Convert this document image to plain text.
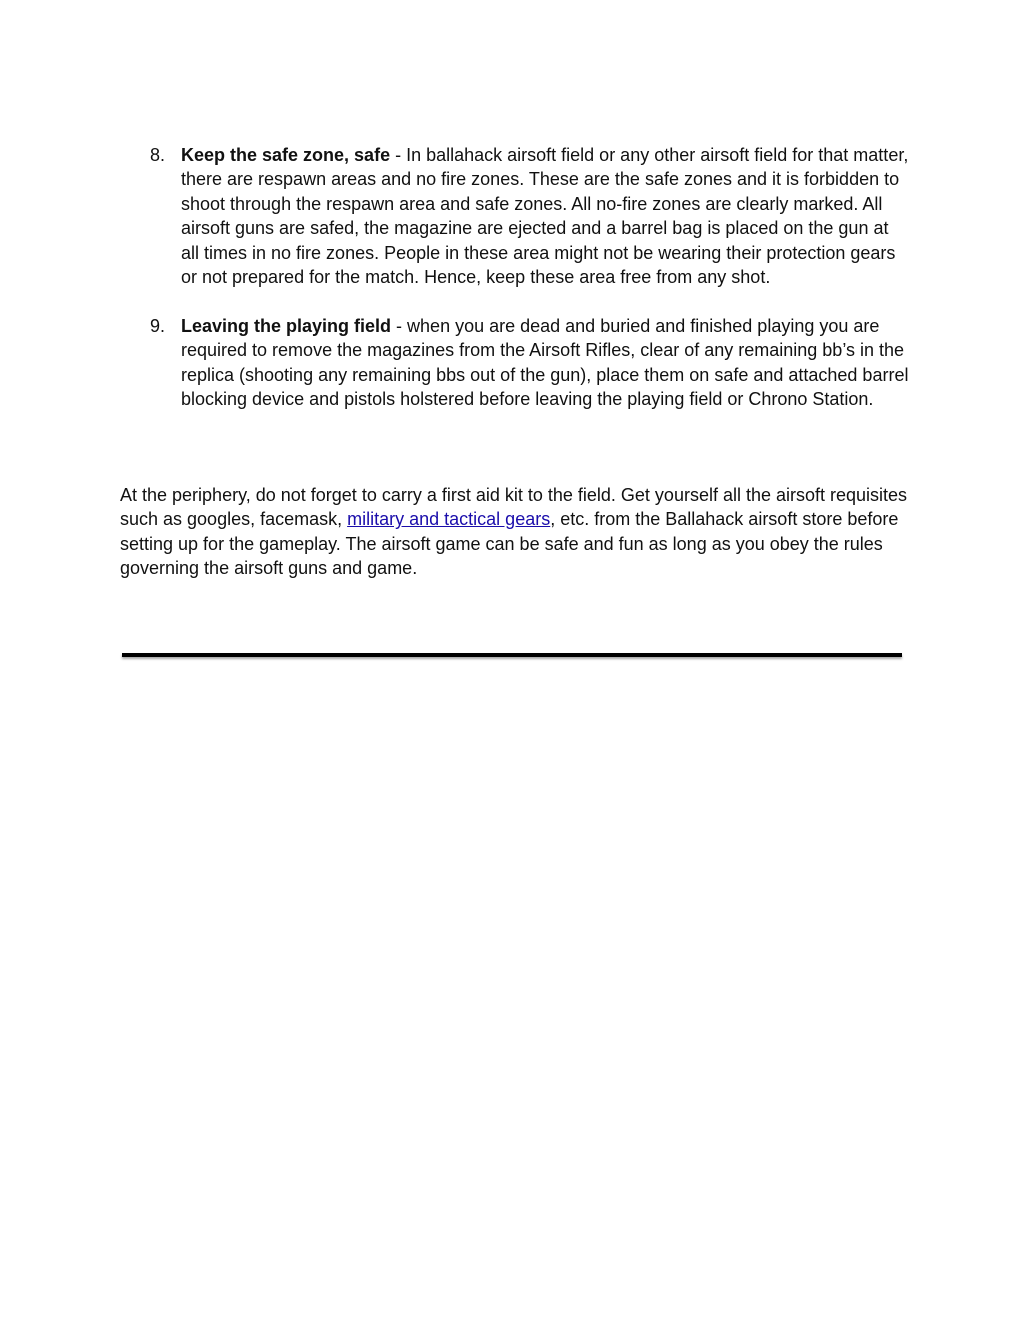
8. Keep the safe zone, safe - In ballahack airsoft field or any other airsoft field for that matter, there are respawn areas and no fire zones. These are the safe zones and it is forbidden to shoot through the respawn area and safe zones. All no-fire zones are clearly marked. All airsoft guns are safed, the magazine are ejected and a barrel bag is placed on the gun at all times in no fire zones. People in these area might not be wearing their protection gears or not prepared for the match. Hence, keep these area free from any shot.
9. Leaving the playing field - when you are dead and buried and finished playing you are required to remove the magazines from the Airsoft Rifles, clear of any remaining bb’s in the replica (shooting any remaining bbs out of the gun), place them on safe and attached barrel blocking device and pistols holstered before leaving the playing field or Chrono Station.

At the periphery, do not forget to carry a first aid kit to the field. Get yourself all the airsoft requisites such as googles, facemask, military and tactical gears, etc. from the Ballahack airsoft store before setting up for the gameplay. The airsoft game can be safe and fun as long as you obey the rules governing the airsoft guns and game.
